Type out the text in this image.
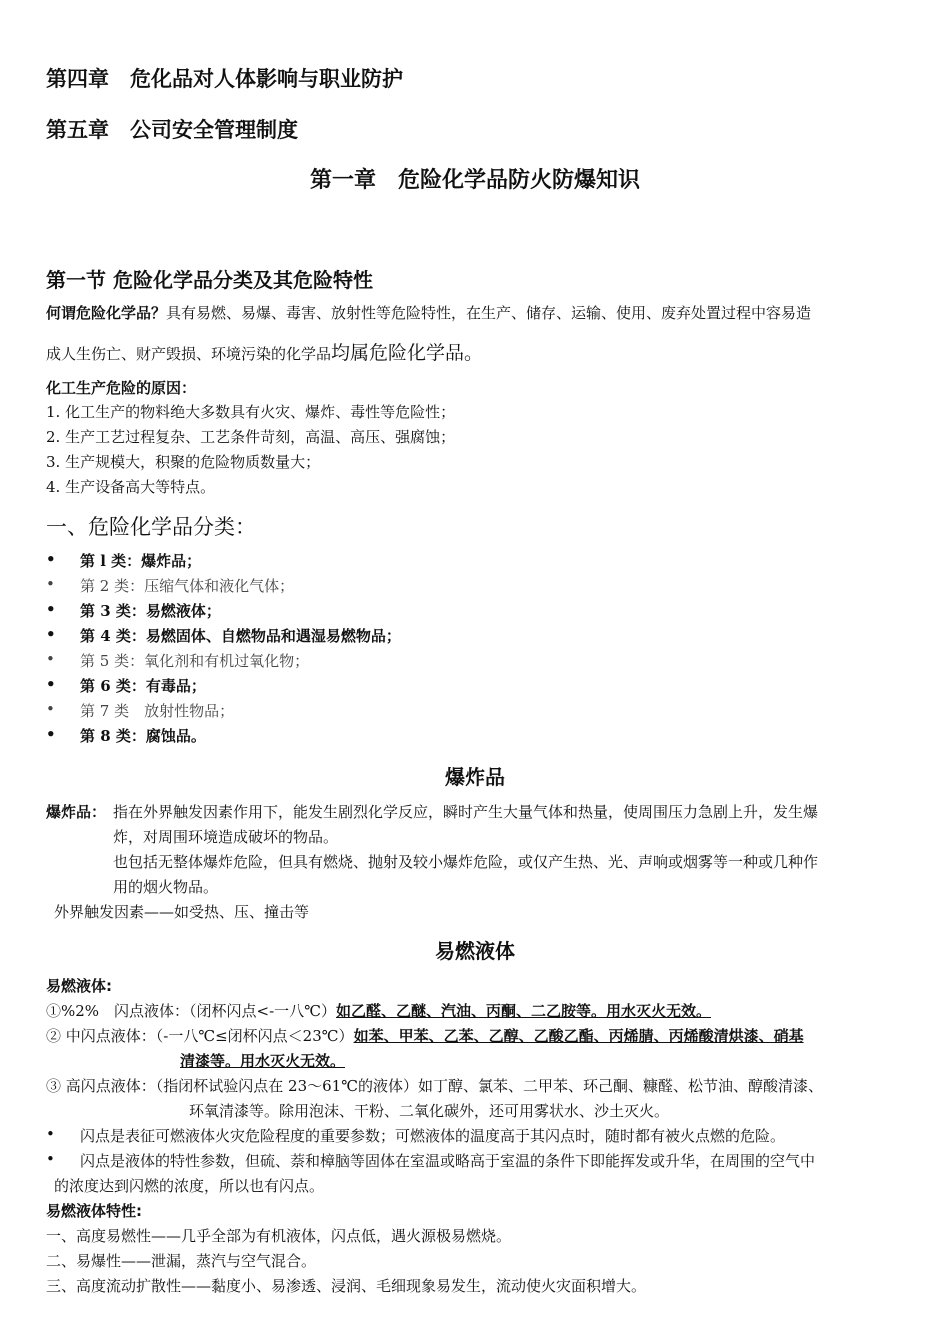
第四章　危化品对人体影响与职业防护
第五章　公司安全管理制度
第一章　危险化学品防火防爆知识
第一节 危险化学品分类及其危险特性
何谓危险化学品？具有易燃、易爆、毒害、放射性等危险特性，在生产、储存、运输、使用、废弃处置过程中容易造
成人生伤亡、财产毁损、环境污染的化学品均属危险化学品。
化工生产危险的原因：
1. 化工生产的物料绝大多数具有火灾、爆炸、毒性等危险性；
2. 生产工艺过程复杂、工艺条件苛刻，高温、高压、强腐蚀；
3. 生产规模大，积聚的危险物质数量大；
4. 生产设备高大等特点。
一、危险化学品分类：
• 第 l 类：爆炸品；
• 第 2 类：压缩气体和液化气体；
• 第 3 类：易燃液体；
• 第 4 类：易燃固体、自燃物品和遇湿易燃物品；
• 第 5 类：氧化剂和有机过氧化物；
• 第 6 类：有毒品；
• 第 7 类　放射性物品；
• 第 8 类：腐蚀品。
爆炸品
爆炸品： 指在外界触发因素作用下，能发生剧烈化学反应，瞬时产生大量气体和热量，使周围压力急剧上升，发生爆
炸，对周围环境造成破坏的物品。
也包括无整体爆炸危险，但具有燃烧、抛射及较小爆炸危险，或仅产生热、光、声响或烟雾等一种或几种作
用的烟火物品。
外界触发因素——如受热、压、撞击等
易燃液体
易燃液体:
①%2%　闪点液体：（闭杯闪点<-一八℃）如乙醛、乙醚、汽油、丙酮、二乙胺等。用水灭火无效。
② 中闪点液体：（-一八℃≤闭杯闪点＜23℃）如苯、甲苯、乙苯、乙醇、乙酸乙酯、丙烯腈、丙烯酸清烘漆、硝基
清漆等。用水灭火无效。
③ 高闪点液体：（指闭杯试验闪点在 23～61℃的液体）如丁醇、氯苯、二甲苯、环己酮、糠醛、松节油、醇酸清漆、
环氧清漆等。除用泡沫、干粉、二氧化碳外，还可用雾状水、沙土灭火。
• 闪点是表征可燃液体火灾危险程度的重要参数；可燃液体的温度高于其闪点时，随时都有被火点燃的危险。
• 闪点是液体的特性参数，但硫、萘和樟脑等固体在室温或略高于室温的条件下即能挥发或升华，在周围的空气中
的浓度达到闪燃的浓度，所以也有闪点。
易燃液体特性:
一、高度易燃性——几乎全部为有机液体，闪点低，遇火源极易燃烧。
二、易爆性——泄漏，蒸汽与空气混合。
三、高度流动扩散性——黏度小、易渗透、浸润、毛细现象易发生，流动使火灾面积增大。
